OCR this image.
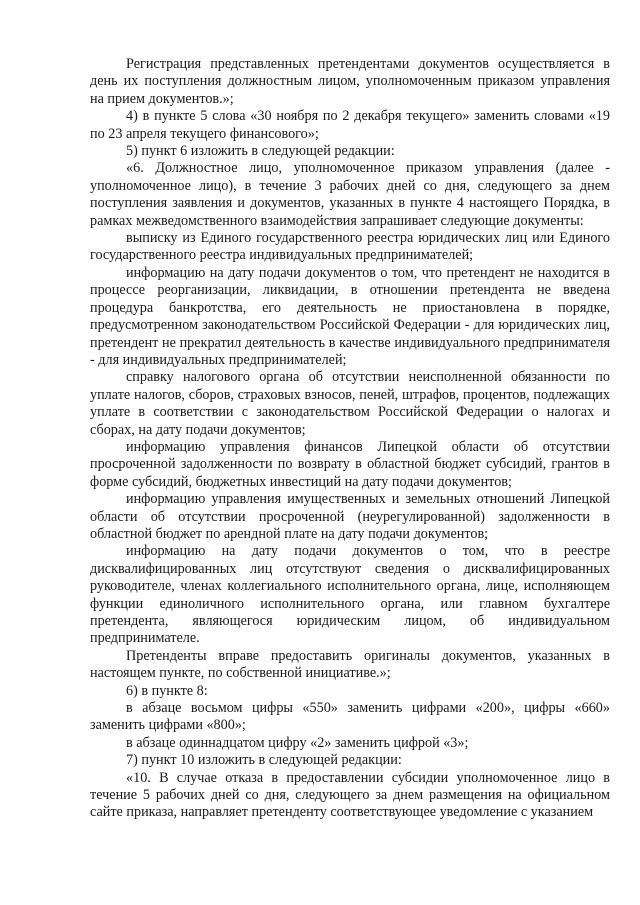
Регистрация представленных претендентами документов осуществляется в день их поступления должностным лицом, уполномоченным приказом управления на прием документов.»;

4) в пункте 5 слова «30 ноября по 2 декабря текущего» заменить словами «19 по 23 апреля текущего финансового»;

5) пункт 6 изложить в следующей редакции:

«6. Должностное лицо, уполномоченное приказом управления (далее - уполномоченное лицо), в течение 3 рабочих дней со дня, следующего за днем поступления заявления и документов, указанных в пункте 4 настоящего Порядка, в рамках межведомственного взаимодействия запрашивает следующие документы:

выписку из Единого государственного реестра юридических лиц или Единого государственного реестра индивидуальных предпринимателей;

информацию на дату подачи документов о том, что претендент не находится в процессе реорганизации, ликвидации, в отношении претендента не введена процедура банкротства, его деятельность не приостановлена в порядке, предусмотренном законодательством Российской Федерации - для юридических лиц, претендент не прекратил деятельность в качестве индивидуального предпринимателя - для индивидуальных предпринимателей;

справку налогового органа об отсутствии неисполненной обязанности по уплате налогов, сборов, страховых взносов, пеней, штрафов, процентов, подлежащих уплате в соответствии с законодательством Российской Федерации о налогах и сборах, на дату подачи документов;

информацию управления финансов Липецкой области об отсутствии просроченной задолженности по возврату в областной бюджет субсидий, грантов в форме субсидий, бюджетных инвестиций на дату подачи документов;

информацию управления имущественных и земельных отношений Липецкой области об отсутствии просроченной (неурегулированной) задолженности в областной бюджет по арендной плате на дату подачи документов;

информацию на дату подачи документов о том, что в реестре дисквалифицированных лиц отсутствуют сведения о дисквалифицированных руководителе, членах коллегиального исполнительного органа, лице, исполняющем функции единоличного исполнительного органа, или главном бухгалтере претендента, являющегося юридическим лицом, об индивидуальном предпринимателе.

Претенденты вправе предоставить оригиналы документов, указанных в настоящем пункте, по собственной инициативе.»;

6) в пункте 8:

в абзаце восьмом цифры «550» заменить цифрами «200», цифры «660» заменить цифрами «800»;

в абзаце одиннадцатом цифру «2» заменить цифрой «3»;

7) пункт 10 изложить в следующей редакции:

«10. В случае отказа в предоставлении субсидии уполномоченное лицо в течение 5 рабочих дней со дня, следующего за днем размещения на официальном сайте приказа, направляет претенденту соответствующее уведомление с указанием
